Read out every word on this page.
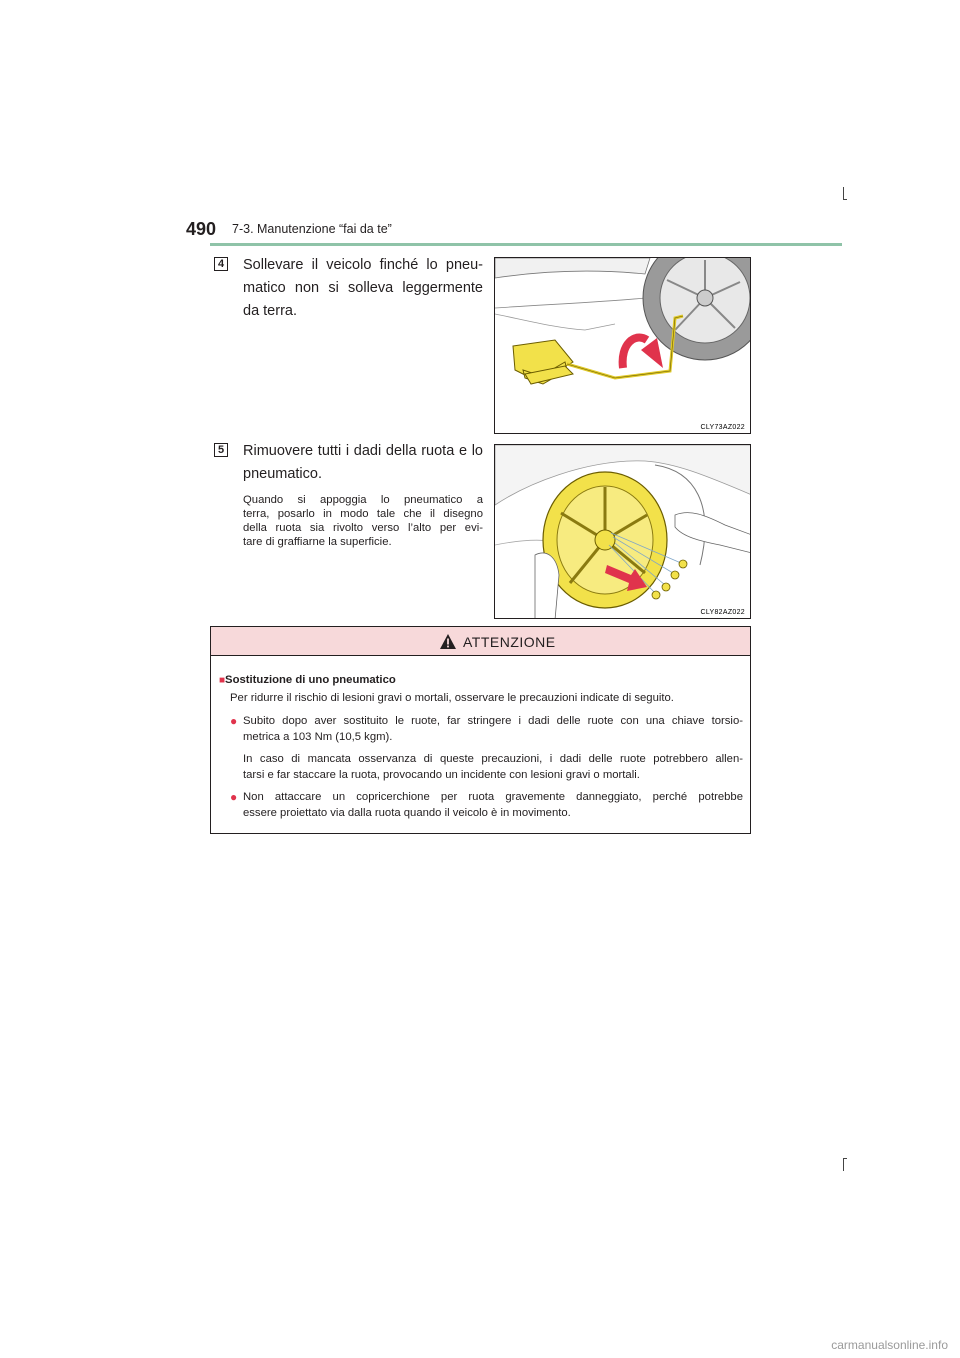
490 7-3. Manutenzione “fai da te”
4 Sollevare il veicolo finché lo pneu-
matico non si solleva leggermente
da terra.
CLY73AZ022
5 Rimuovere tutti i dadi della ruota e lo
pneumatico.
Quando si appoggia lo pneumatico a
terra, posarlo in modo tale che il disegno
della ruota sia rivolto verso l’alto per evi-
tare di graffiarne la superficie.
CLY82AZ022
ATTENZIONE
■Sostituzione di uno pneumatico
Per ridurre il rischio di lesioni gravi o mortali, osservare le precauzioni indicate di seguito.
● Subito dopo aver sostituito le ruote, far stringere i dadi delle ruote con una chiave torsio-
metrica a 103 Nm (10,5 kgm).
In caso di mancata osservanza di queste precauzioni, i dadi delle ruote potrebbero allen-
tarsi e far staccare la ruota, provocando un incidente con lesioni gravi o mortali.
● Non attaccare un copricerchione per ruota gravemente danneggiato, perché potrebbe
essere proiettato via dalla ruota quando il veicolo è in movimento.
carmanualsonline.info
